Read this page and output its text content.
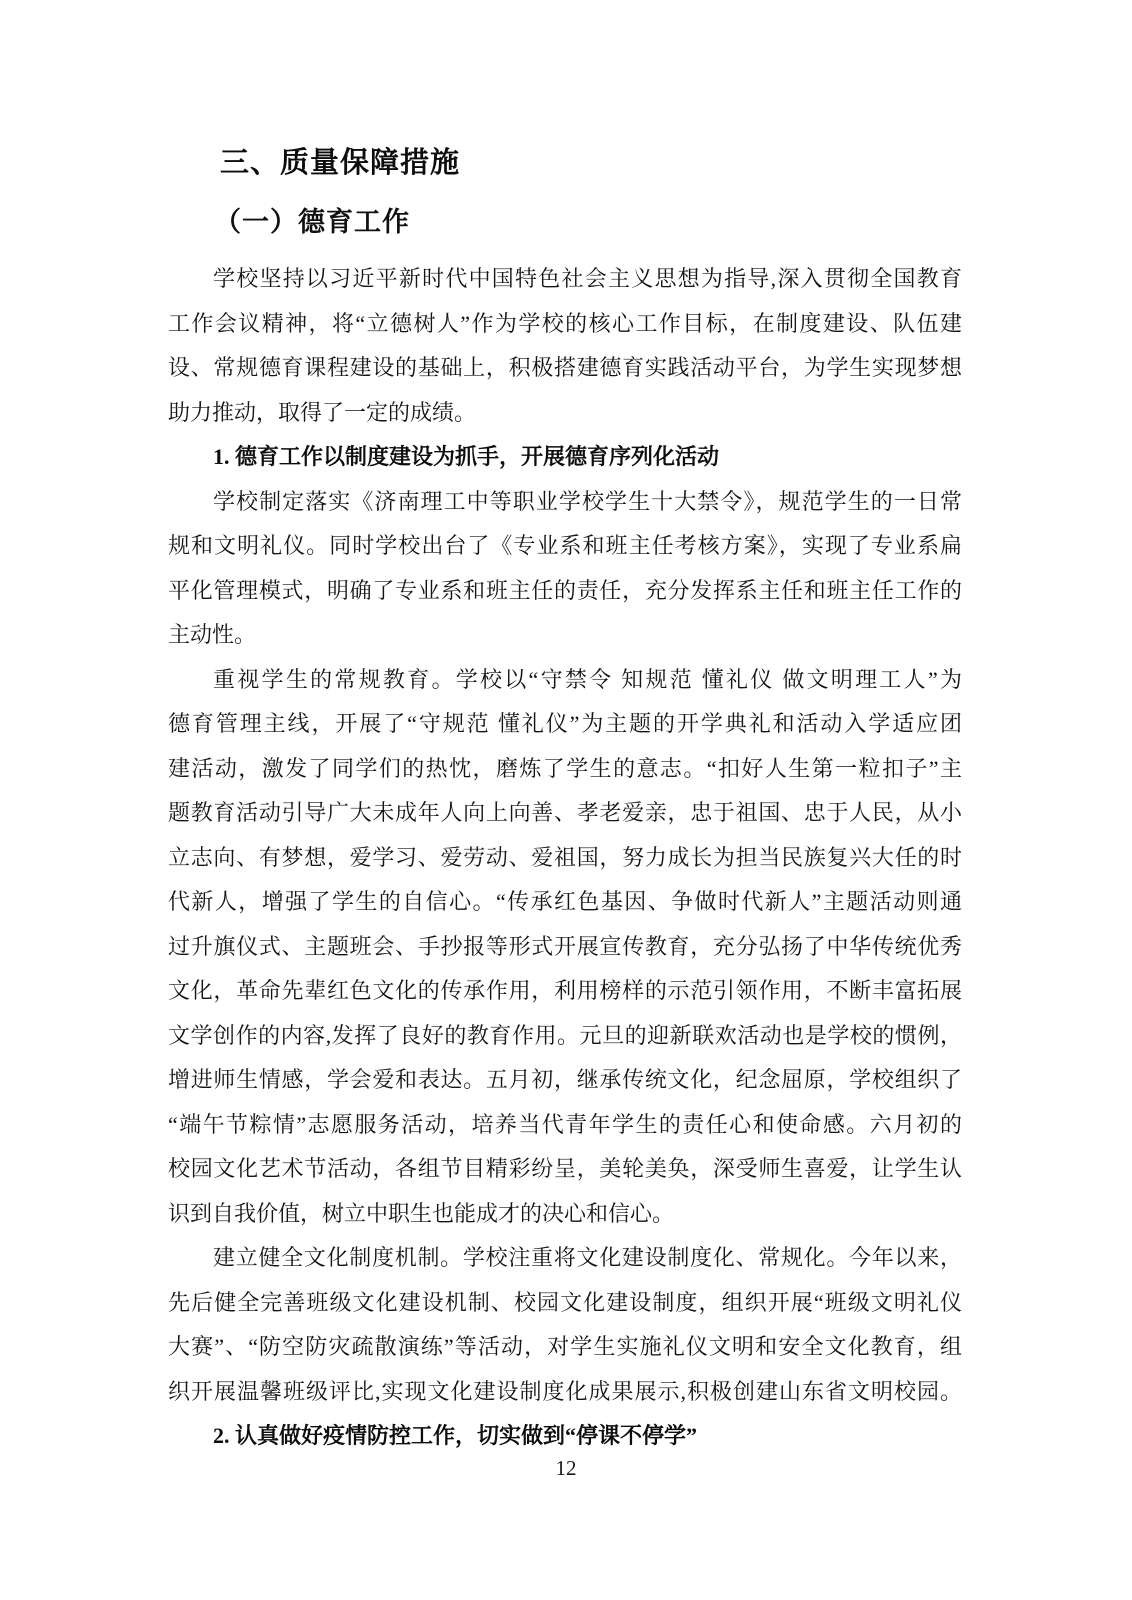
三、质量保障措施
（一）德育工作
学校坚持以习近平新时代中国特色社会主义思想为指导,深入贯彻全国教育
工作会议精神，将“立德树人”作为学校的核心工作目标，在制度建设、队伍建
设、常规德育课程建设的基础上，积极搭建德育实践活动平台，为学生实现梦想
助力推动，取得了一定的成绩。
1. 德育工作以制度建设为抓手，开展德育序列化活动
学校制定落实《济南理工中等职业学校学生十大禁令》，规范学生的一日常
规和文明礼仪。同时学校出台了《专业系和班主任考核方案》，实现了专业系扁
平化管理模式，明确了专业系和班主任的责任，充分发挥系主任和班主任工作的
主动性。
重视学生的常规教育。学校以“守禁令 知规范 懂礼仪 做文明理工人”为
德育管理主线，开展了“守规范 懂礼仪”为主题的开学典礼和活动入学适应团
建活动，激发了同学们的热忱，磨炼了学生的意志。“扣好人生第一粒扣子”主
题教育活动引导广大未成年人向上向善、孝老爱亲，忠于祖国、忠于人民，从小
立志向、有梦想，爱学习、爱劳动、爱祖国，努力成长为担当民族复兴大任的时
代新人，增强了学生的自信心。“传承红色基因、争做时代新人”主题活动则通
过升旗仪式、主题班会、手抄报等形式开展宣传教育，充分弘扬了中华传统优秀
文化，革命先辈红色文化的传承作用，利用榜样的示范引领作用，不断丰富拓展
文学创作的内容,发挥了良好的教育作用。元旦的迎新联欢活动也是学校的惯例，
增进师生情感，学会爱和表达。五月初，继承传统文化，纪念屈原，学校组织了
“端午节粽情”志愿服务活动，培养当代青年学生的责任心和使命感。六月初的
校园文化艺术节活动，各组节目精彩纷呈，美轮美奂，深受师生喜爱，让学生认
识到自我价值，树立中职生也能成才的决心和信心。
建立健全文化制度机制。学校注重将文化建设制度化、常规化。今年以来，
先后健全完善班级文化建设机制、校园文化建设制度，组织开展“班级文明礼仪
大赛”、“防空防灾疏散演练”等活动，对学生实施礼仪文明和安全文化教育，组
织开展温馨班级评比,实现文化建设制度化成果展示,积极创建山东省文明校园。
2. 认真做好疫情防控工作，切实做到“停课不停学”
12
